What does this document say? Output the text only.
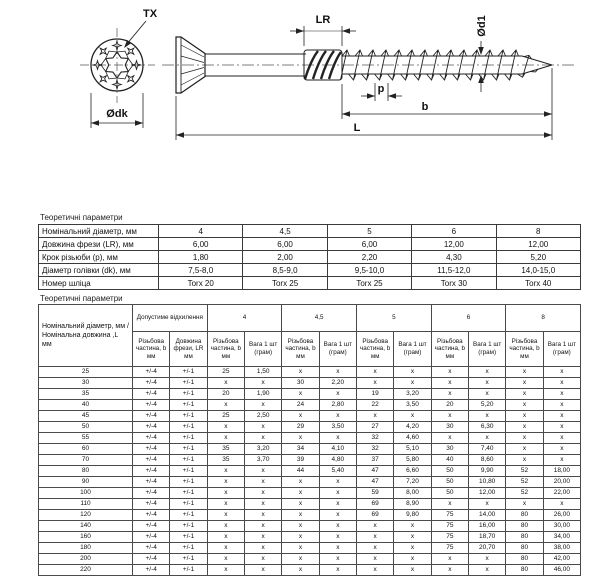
TX
Ødk
LR	Ød1
p
b
L
Теоретичні параметри
Номінальний діаметр, мм	4	4,5	5	6	8
Довжина фрези (LR), мм	6,00	6,00	6,00	12,00	12,00
Крок різьюби (p), мм	1,80	2,00	2,20	4,30	5,20
Діаметр голівки (dk), мм	7,5-8,0	8,5-9,0	9,5-10,0	11,5-12,0	14,0-15,0
Номер шліца	Torx 20	Torx 25	Torx 25	Torx 30	Torx 40
Теоретичні параметри
Номінальний діаметр, мм / Номінальна довжина ,L мм	Допустиме відхилення		4		4,5		5		6		8	
	Різьбова частина, b мм	Довжина фрези, LR мм	Різьбова частина, b мм	Вага 1 шт (грам)	Різьбова частина, b мм	Вага 1 шт (грам)	Різьбова частина, b мм	Вага 1 шт (грам)	Різьбова частина, b мм	Вага 1 шт (грам)	Різьбова частина, b мм	Вага 1 шт (грам)
25	+/-4	+/-1	25	1,50	x	x	x	x	x	x	x	x
30	+/-4	+/-1	x	x	30	2,20	x	x	x	x	x	x
35	+/-4	+/-1	20	1,90	x	x	19	3,20	x	x	x	x
40	+/-4	+/-1	x	x	24	2,80	22	3,50	20	5,20	x	x
45	+/-4	+/-1	25	2,50	x	x	x	x	x	x	x	x
50	+/-4	+/-1	x	x	29	3,50	27	4,20	30	6,30	x	x
55	+/-4	+/-1	x	x	x	x	32	4,60	x	x	x	x
60	+/-4	+/-1	35	3,20	34	4,10	32	5,10	30	7,40	x	x
70	+/-4	+/-1	35	3,70	39	4,80	37	5,80	40	8,60	x	x
80	+/-4	+/-1	x	x	44	5,40	47	6,60	50	9,90	52	18,00
90	+/-4	+/-1	x	x	x	x	47	7,20	50	10,80	52	20,00
100	+/-4	+/-1	x	x	x	x	59	8,00	50	12,00	52	22,00
110	+/-4	+/-1	x	x	x	x	69	8,90	x	x	x	x
120	+/-4	+/-1	x	x	x	x	69	9,80	75	14,00	80	26,00
140	+/-4	+/-1	x	x	x	x	x	x	75	16,00	80	30,00
160	+/-4	+/-1	x	x	x	x	x	x	75	18,70	80	34,00
180	+/-4	+/-1	x	x	x	x	x	x	75	20,70	80	38,00
200	+/-4	+/-1	x	x	x	x	x	x	x	x	80	42,00
220	+/-4	+/-1	x	x	x	x	x	x	x	x	80	46,00
